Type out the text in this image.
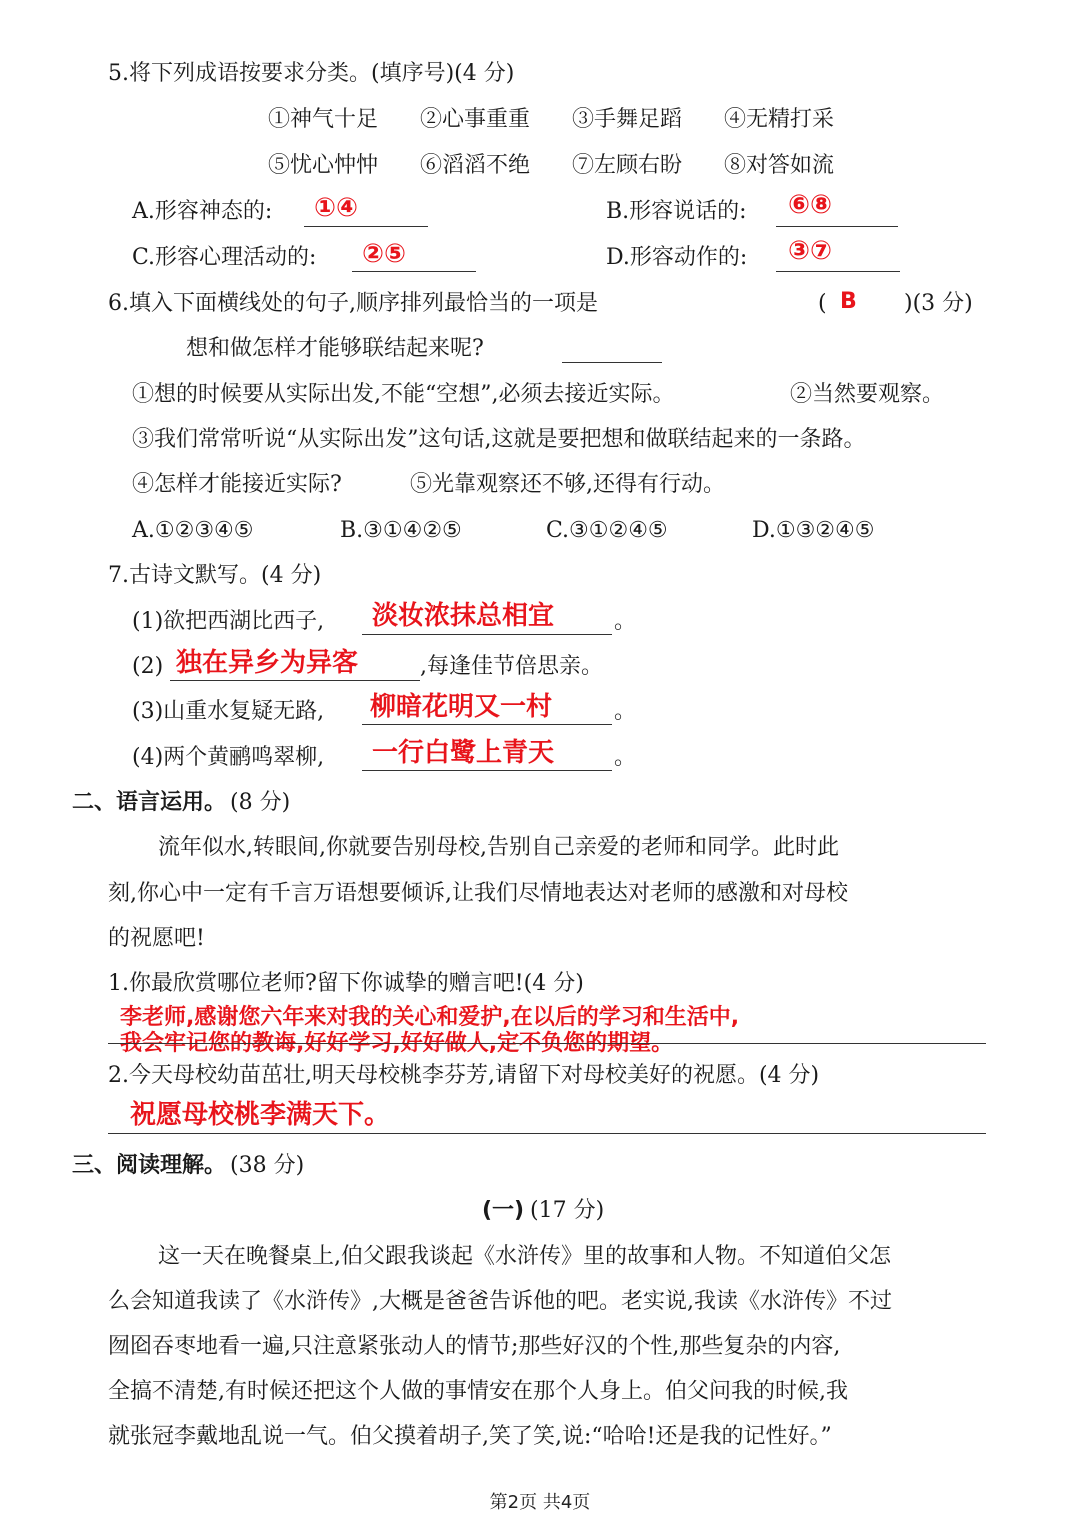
5.将下列成语按要求分类。(填序号)(4 分)
①神气十足 ②心事重重 ③手舞足蹈 ④无精打采
⑤忧心忡忡 ⑥滔滔不绝 ⑦左顾右盼 ⑧对答如流
A.形容神态的: ①④	B.形容说话的: ⑥⑧
C.形容心理活动的: ②⑤	D.形容动作的: ③⑦
6.填入下面横线处的句子,顺序排列最恰当的一项是	( B )(3 分)
想和做怎样才能够联结起来呢?
①想的时候要从实际出发,不能“空想”,必须去接近实际。	②当然要观察。
③我们常常听说“从实际出发”这句话,这就是要把想和做联结起来的一条路。
④怎样才能接近实际?	⑤光靠观察还不够,还得有行动。
A.①②③④⑤	B.③①④②⑤	C.③①②④⑤	D.①③②④⑤
7.古诗文默写。(4 分)
(1)欲把西湖比西子, 淡妆浓抹总相宜	。
(2) 独在异乡为异客	,每逢佳节倍思亲。
(3)山重水复疑无路, 柳暗花明又一村	。
(4)两个黄鹂鸣翠柳, 一行白鹭上青天	。
二、语言运用。 (8 分)
流年似水,转眼间,你就要告别母校,告别自己亲爱的老师和同学。此时此
刻,你心中一定有千言万语想要倾诉,让我们尽情地表达对老师的感激和对母校
的祝愿吧!
1.你最欣赏哪位老师?留下你诚挚的赠言吧!(4 分)
李老师,感谢您六年来对我的关心和爱护,在以后的学习和生活中,
我会牢记您的教诲,好好学习,好好做人,定不负您的期望。
2.今天母校幼苗茁壮,明天母校桃李芬芳,请留下对母校美好的祝愿。(4 分)
祝愿母校桃李满天下。
三、阅读理解。 (38 分)
(一) (17 分)
这一天在晚餐桌上,伯父跟我谈起《水浒传》里的故事和人物。不知道伯父怎
么会知道我读了《水浒传》,大概是爸爸告诉他的吧。老实说,我读《水浒传》不过
囫囵吞枣地看一遍,只注意紧张动人的情节;那些好汉的个性,那些复杂的内容,
全搞不清楚,有时候还把这个人做的事情安在那个人身上。伯父问我的时候,我
就张冠李戴地乱说一气。伯父摸着胡子,笑了笑,说:“哈哈!还是我的记性好。”
第2页 共4页
